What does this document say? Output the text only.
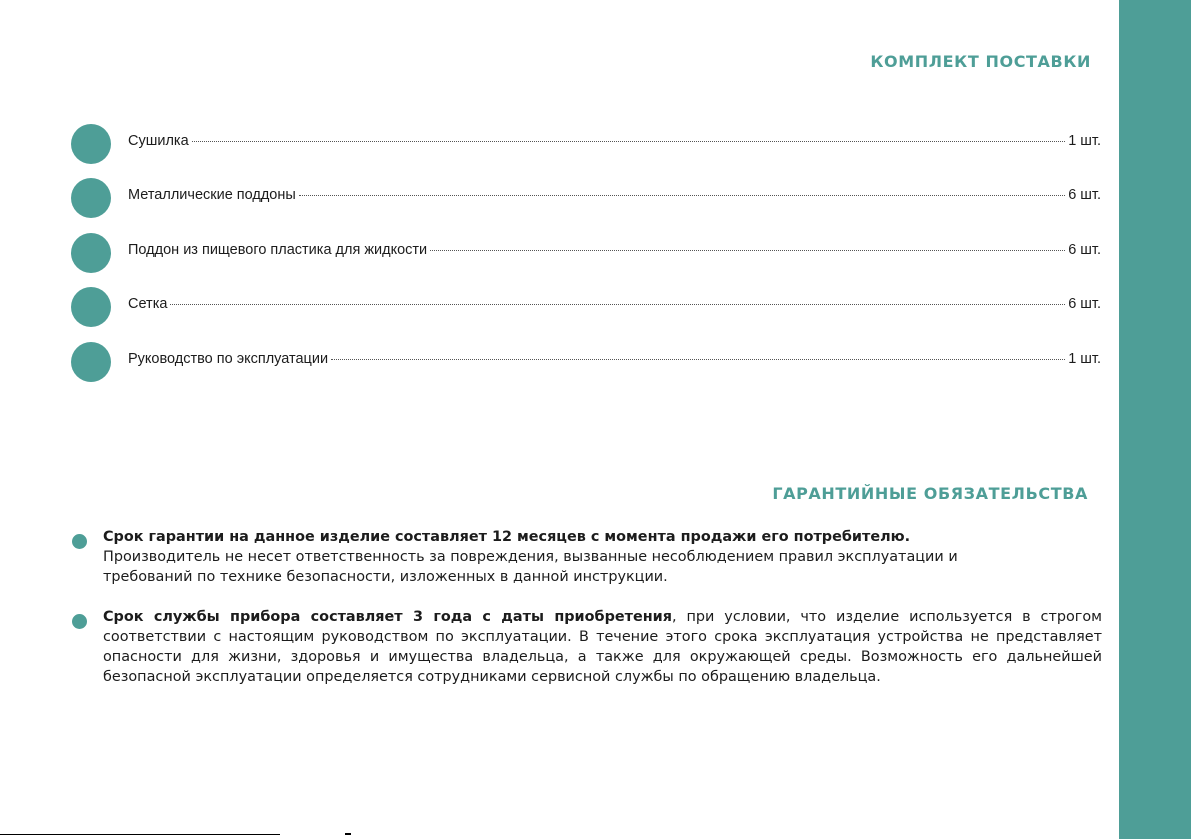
КОМПЛЕКТ ПОСТАВКИ
Сушилка	1 шт.
Металлические поддоны	6 шт.
Поддон из пищевого пластика для жидкости	6 шт.
Сетка	6 шт.
Руководство по эксплуатации	1 шт.
ГАРАНТИЙНЫЕ ОБЯЗАТЕЛЬСТВА
Срок гарантии на данное изделие составляет 12 месяцев с момента продажи его потребителю.
Производитель не несет ответственность за повреждения, вызванные несоблюдением правил эксплуатации и
требований по технике безопасности, изложенных в данной инструкции.
Срок службы прибора составляет 3 года с даты приобретения, при условии, что изделие используется в строгом соответствии с настоящим руководством по эксплуатации. В течение этого срока эксплуатация устройства не представляет опасности для жизни, здоровья и имущества владельца, а также для окружающей среды. Возможность его дальнейшей безопасной эксплуатации определяется сотрудниками сервисной службы по обращению владельца.
